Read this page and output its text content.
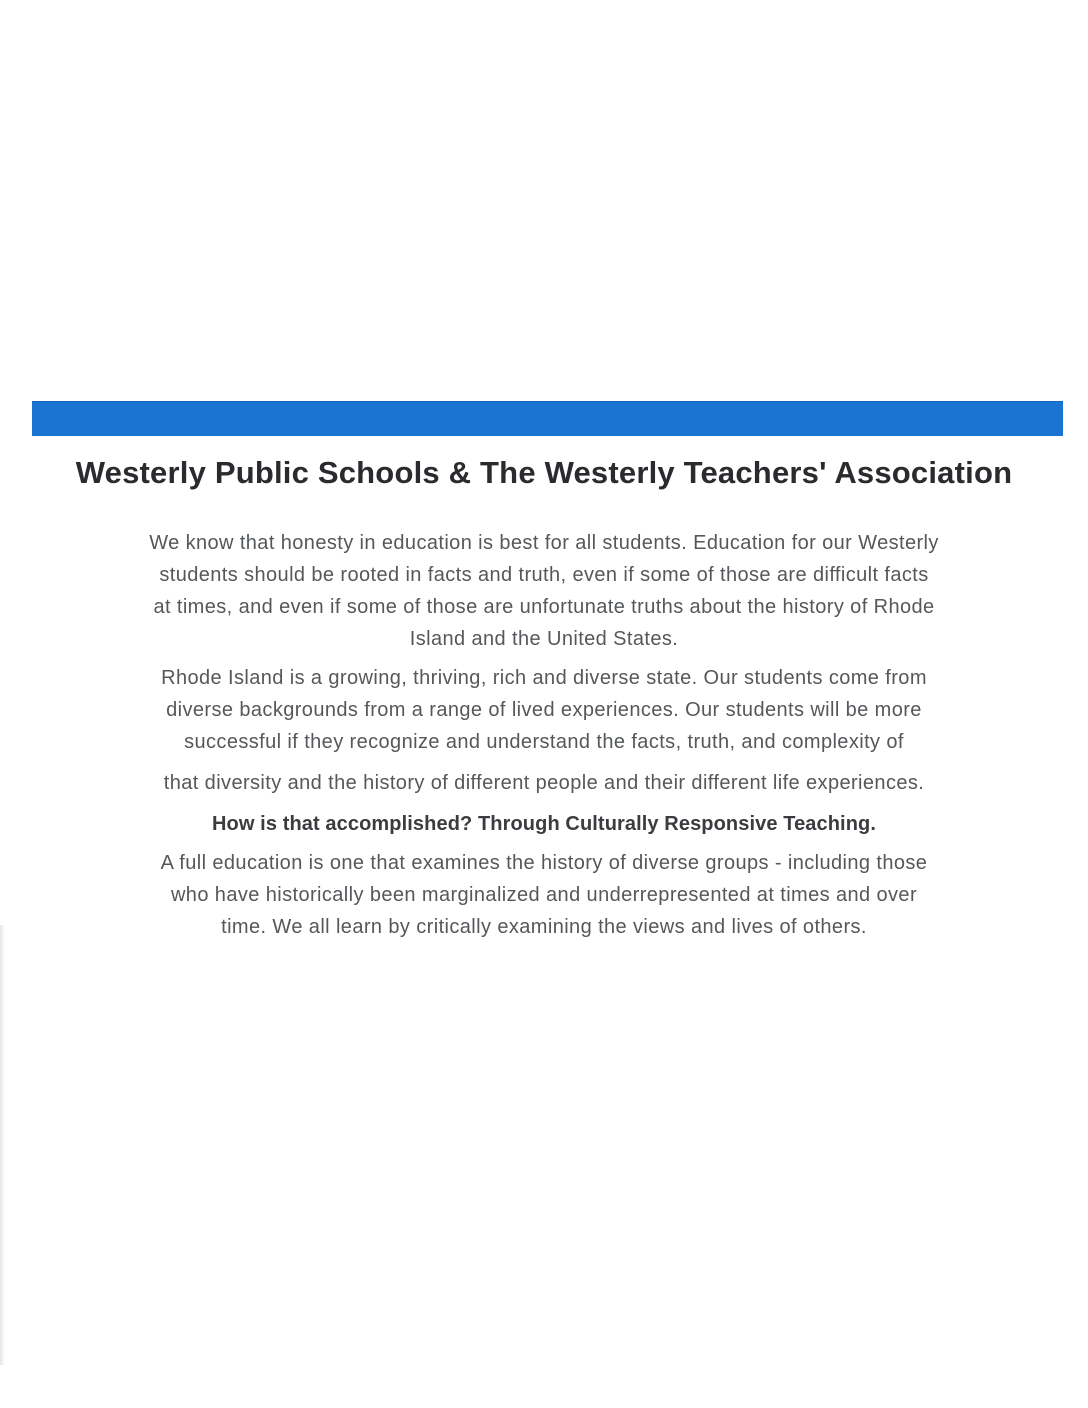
Westerly Public Schools & The Westerly Teachers' Association

We know that honesty in education is best for all students. Education for our Westerly
students should be rooted in facts and truth, even if some of those are difficult facts
at times, and even if some of those are unfortunate truths about the history of Rhode
Island and the United States.

Rhode Island is a growing, thriving, rich and diverse state. Our students come from
diverse backgrounds from a range of lived experiences. Our students will be more
successful if they recognize and understand the facts, truth, and complexity of

that diversity and the history of different people and their different life experiences.

How is that accomplished? Through Culturally Responsive Teaching.

A full education is one that examines the history of diverse groups - including those
who have historically been marginalized and underrepresented at times and over
time. We all learn by critically examining the views and lives of others.
